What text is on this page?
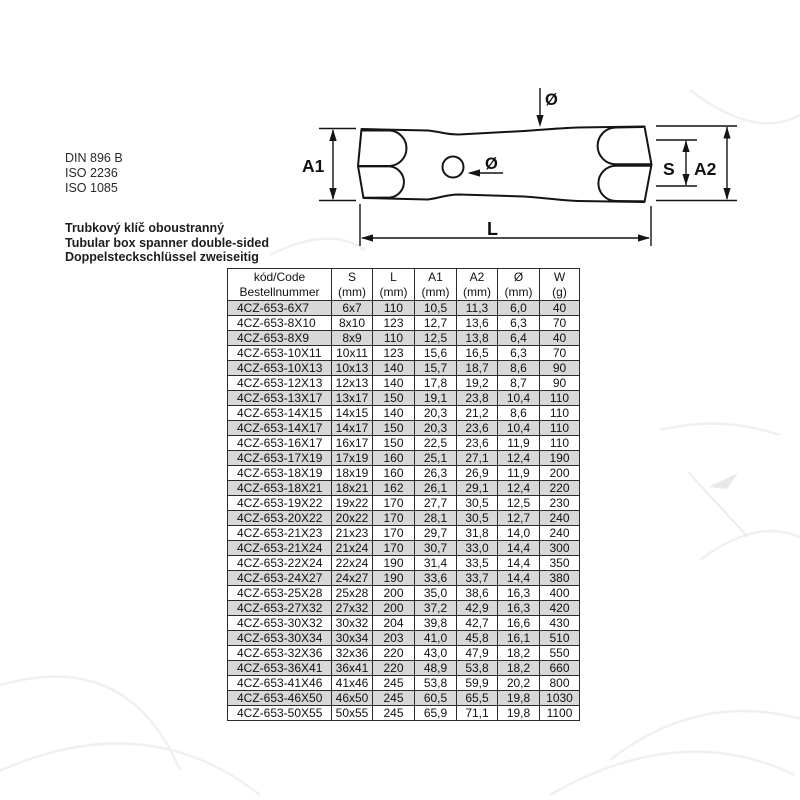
DIN 896 B
ISO 2236
ISO 1085
Trubkový klíč oboustranný
Tubular box spanner double-sided
Doppelsteckschlüssel zweiseitig
A1
Ø
Ø	S A2
L
kód/Code
Bestellnummer

S
(mm)

L
(mm)

A1
(mm)

A2
(mm)

Ø
(mm)

W
(g)

4CZ-653-6X7	6x7	110	10,5	11,3	6,0	40
4CZ-653-8X10	8x10	123	12,7	13,6	6,3	70
4CZ-653-8X9	8x9	110	12,5	13,8	6,4	40
4CZ-653-10X11	10x11	123	15,6	16,5	6,3	70
4CZ-653-10X13	10x13	140	15,7	18,7	8,6	90
4CZ-653-12X13	12x13	140	17,8	19,2	8,7	90
4CZ-653-13X17	13x17	150	19,1	23,8	10,4	110
4CZ-653-14X15	14x15	140	20,3	21,2	8,6	110
4CZ-653-14X17	14x17	150	20,3	23,6	10,4	110
4CZ-653-16X17	16x17	150	22,5	23,6	11,9	110
4CZ-653-17X19	17x19	160	25,1	27,1	12,4	190
4CZ-653-18X19	18x19	160	26,3	26,9	11,9	200
4CZ-653-18X21	18x21	162	26,1	29,1	12,4	220
4CZ-653-19X22	19x22	170	27,7	30,5	12,5	230
4CZ-653-20X22	20x22	170	28,1	30,5	12,7	240
4CZ-653-21X23	21x23	170	29,7	31,8	14,0	240
4CZ-653-21X24	21x24	170	30,7	33,0	14,4	300
4CZ-653-22X24	22x24	190	31,4	33,5	14,4	350
4CZ-653-24X27	24x27	190	33,6	33,7	14,4	380
4CZ-653-25X28	25x28	200	35,0	38,6	16,3	400
4CZ-653-27X32	27x32	200	37,2	42,9	16,3	420
4CZ-653-30X32	30x32	204	39,8	42,7	16,6	430
4CZ-653-30X34	30x34	203	41,0	45,8	16,1	510
4CZ-653-32X36	32x36	220	43,0	47,9	18,2	550
4CZ-653-36X41	36x41	220	48,9	53,8	18,2	660
4CZ-653-41X46	41x46	245	53,8	59,9	20,2	800
4CZ-653-46X50	46x50	245	60,5	65,5	19,8	1030
4CZ-653-50X55	50x55	245	65,9	71,1	19,8	1100
